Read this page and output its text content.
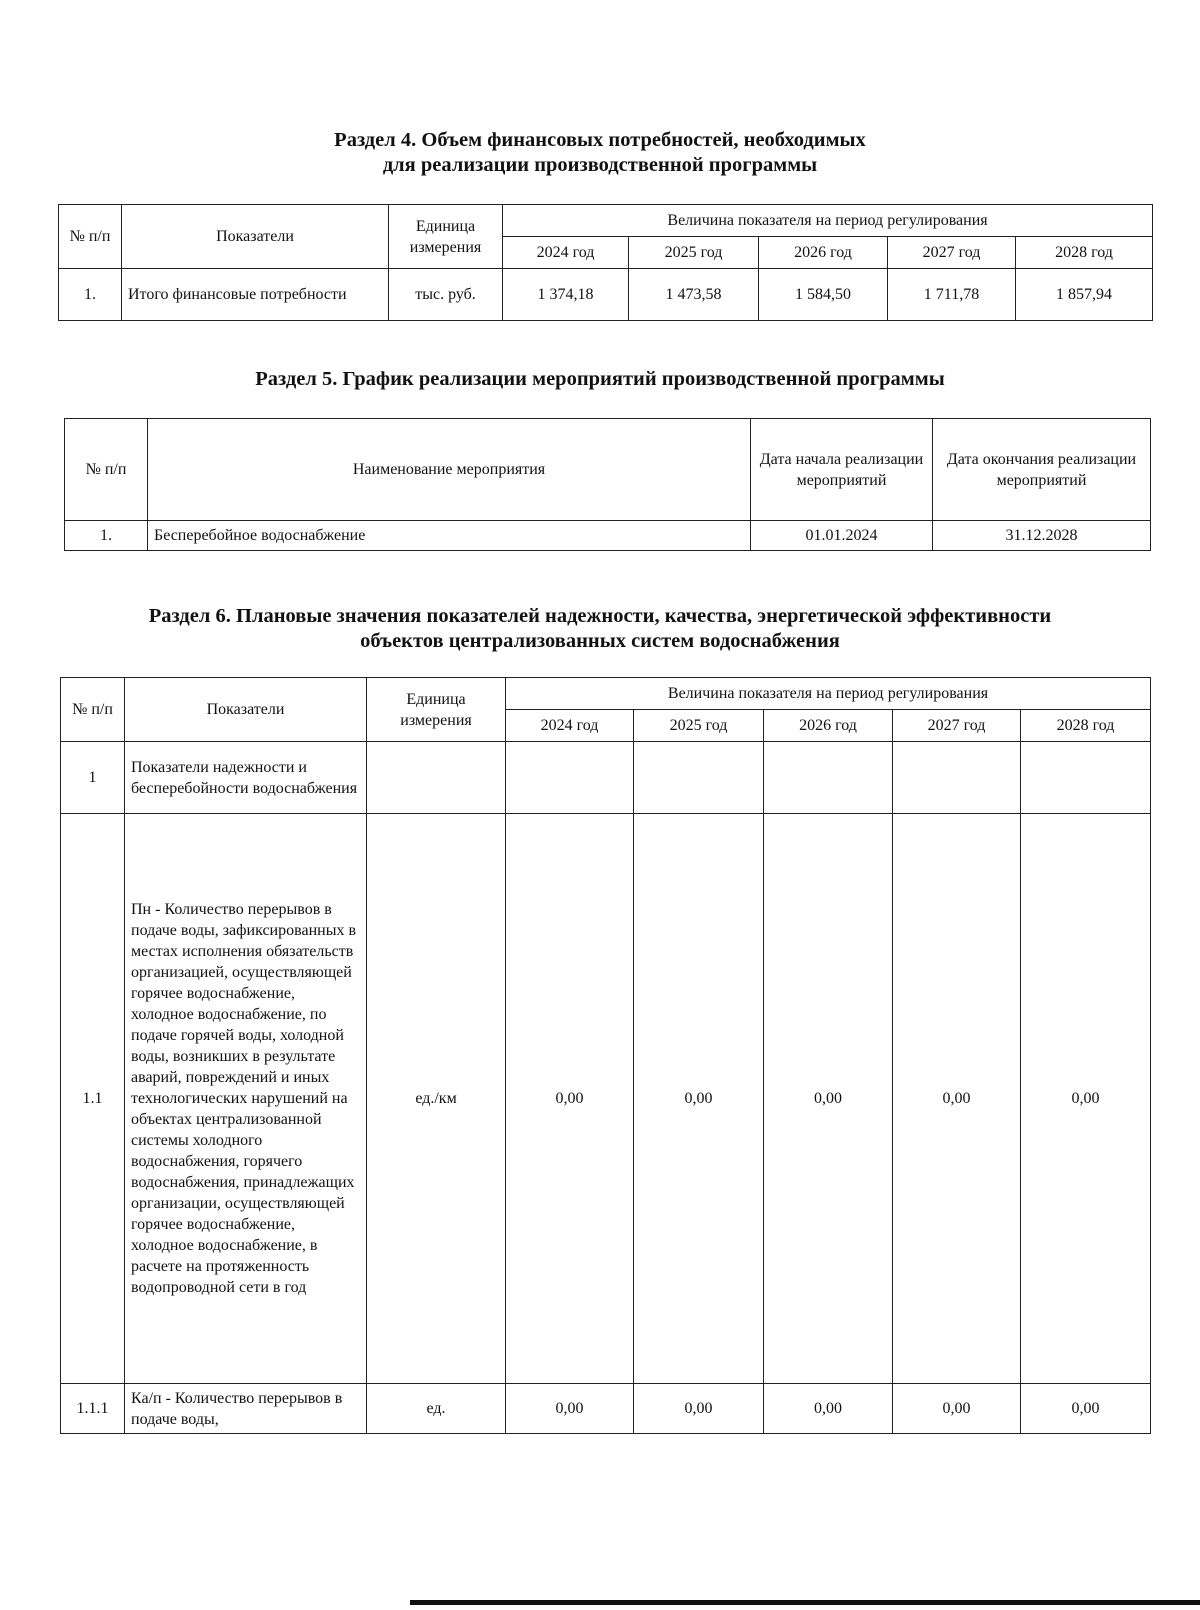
Раздел 4. Объем финансовых потребностей, необходимых
для реализации производственной программы
№ п/п	Показатели	Единица измерения	Величина показателя на период регулирования				
			2024 год	2025 год	2026 год	2027 год	2028 год
1.	Итого финансовые потребности	тыс. руб.	1 374,18	1 473,58	1 584,50	1 711,78	1 857,94
Раздел 5. График реализации мероприятий производственной программы
№ п/п	Наименование мероприятия	Дата начала реализации мероприятий	Дата окончания реализации мероприятий
1.	Бесперебойное водоснабжение	01.01.2024	31.12.2028
Раздел 6. Плановые значения показателей надежности, качества, энергетической эффективности
объектов централизованных систем водоснабжения
№ п/п	Показатели	Единица измерения	Величина показателя на период регулирования				
			2024 год	2025 год	2026 год	2027 год	2028 год
1	Показатели надежности и бесперебойности водоснабжения						
1.1	Пн - Количество перерывов в подаче воды, зафиксированных в местах исполнения обязательств организацией, осуществляющей горячее водоснабжение, холодное водоснабжение, по подаче горячей воды, холодной воды, возникших в результате аварий, повреждений и иных технологических нарушений на объектах централизованной системы холодного водоснабжения, горячего водоснабжения, принадлежащих организации, осуществляющей горячее водоснабжение, холодное водоснабжение, в расчете на протяженность водопроводной сети в год	ед./км	0,00	0,00	0,00	0,00	0,00
1.1.1	Ка/п - Количество перерывов в подаче воды,	ед.	0,00	0,00	0,00	0,00	0,00
